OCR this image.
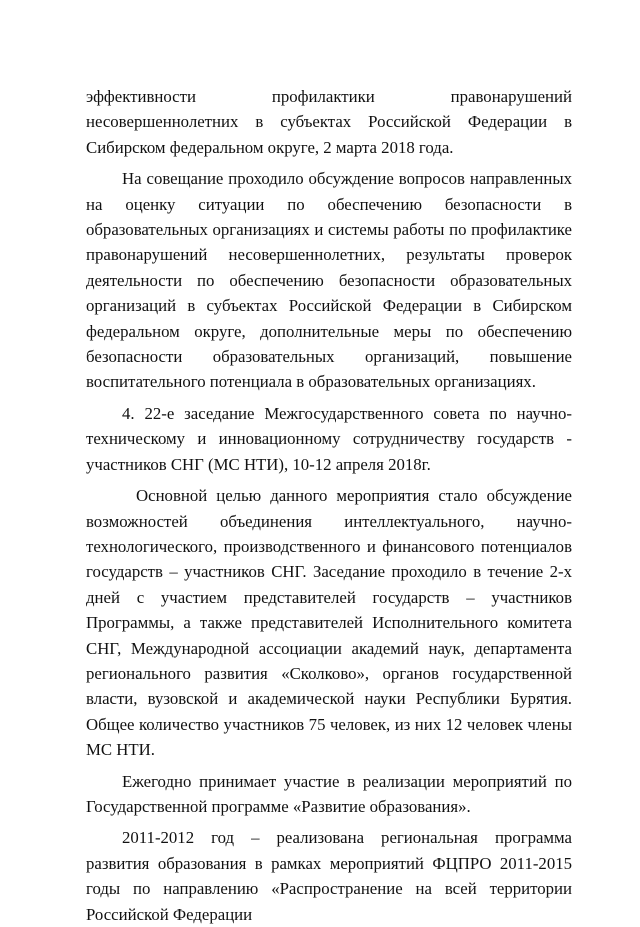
эффективности профилактики правонарушений несовершеннолетних в субъектах Российской Федерации в Сибирском федеральном округе, 2 марта 2018 года.

На совещание проходило обсуждение вопросов направленных на оценку ситуации по обеспечению безопасности в образовательных организациях и системы работы по профилактике правонарушений несовершеннолетних, результаты проверок деятельности по обеспечению безопасности образовательных организаций в субъектах Российской Федерации в Сибирском федеральном округе, дополнительные меры по обеспечению безопасности образовательных организаций, повышение воспитательного потенциала в образовательных организациях.

4. 22-е заседание Межгосударственного совета по научно-техническому и инновационному сотрудничеству государств - участников СНГ (МС НТИ), 10-12 апреля 2018г.

Основной целью данного мероприятия стало обсуждение возможностей объединения интеллектуального, научно-технологического, производственного и финансового потенциалов государств – участников СНГ. Заседание проходило в течение 2-х дней с участием представителей государств – участников Программы, а также представителей Исполнительного комитета СНГ, Международной ассоциации академий наук, департамента регионального развития «Сколково», органов государственной власти, вузовской и академической науки Республики Бурятия. Общее количество участников 75 человек, из них 12 человек члены МС НТИ.

Ежегодно принимает участие в реализации мероприятий по Государственной программе «Развитие образования».

2011-2012 год – реализована региональная программа развития образования в рамках мероприятий ФЦПРО 2011-2015 годы по направлению «Распространение на всей территории Российской Федерации
